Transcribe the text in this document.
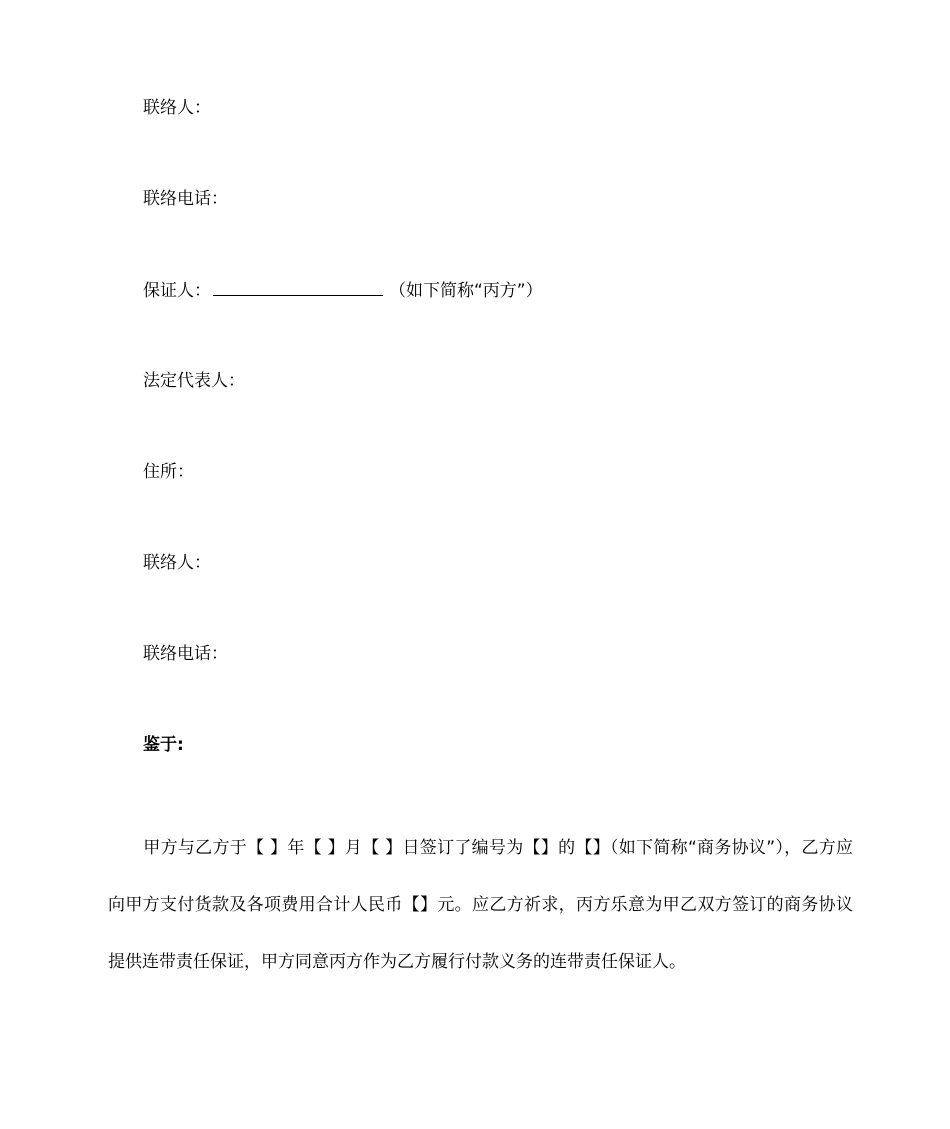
联络人：
联络电话：
保证人：	（如下简称“丙方”）
法定代表人：
住所：
联络人：
联络电话：
鉴于:
甲方与乙方于【 】年【 】月【 】日签订了编号为【】的【】（如下简称“商务协议”），乙方应向甲方支付货款及各项费用合计人民币【】元。应乙方祈求，丙方乐意为甲乙双方签订的商务协议提供连带责任保证，甲方同意丙方作为乙方履行付款义务的连带责任保证人。
